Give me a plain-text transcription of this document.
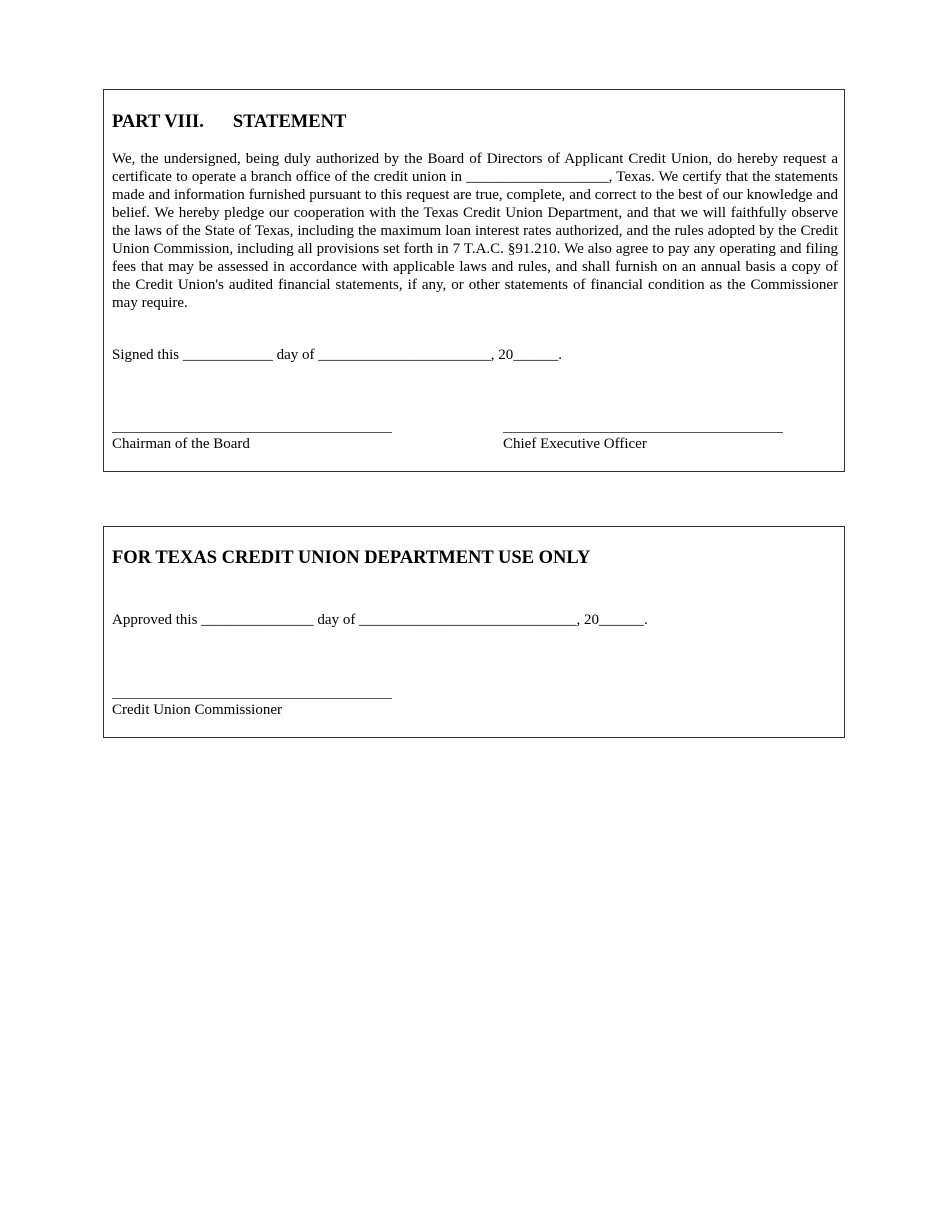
PART VIII. STATEMENT

We, the undersigned, being duly authorized by the Board of Directors of Applicant Credit Union, do hereby request a certificate to operate a branch office of the credit union in ___________________, Texas. We certify that the statements made and information furnished pursuant to this request are true, complete, and correct to the best of our knowledge and belief. We hereby pledge our cooperation with the Texas Credit Union Department, and that we will faithfully observe the laws of the State of Texas, including the maximum loan interest rates authorized, and the rules adopted by the Credit Union Commission, including all provisions set forth in 7 T.A.C. §91.210. We also agree to pay any operating and filing fees that may be assessed in accordance with applicable laws and rules, and shall furnish on an annual basis a copy of the Credit Union's audited financial statements, if any, or other statements of financial condition as the Commissioner may require.

Signed this ____________ day of _______________________, 20______.

Chairman of the Board	Chief Executive Officer

FOR TEXAS CREDIT UNION DEPARTMENT USE ONLY

Approved this _______________ day of _____________________________, 20______.

Credit Union Commissioner
